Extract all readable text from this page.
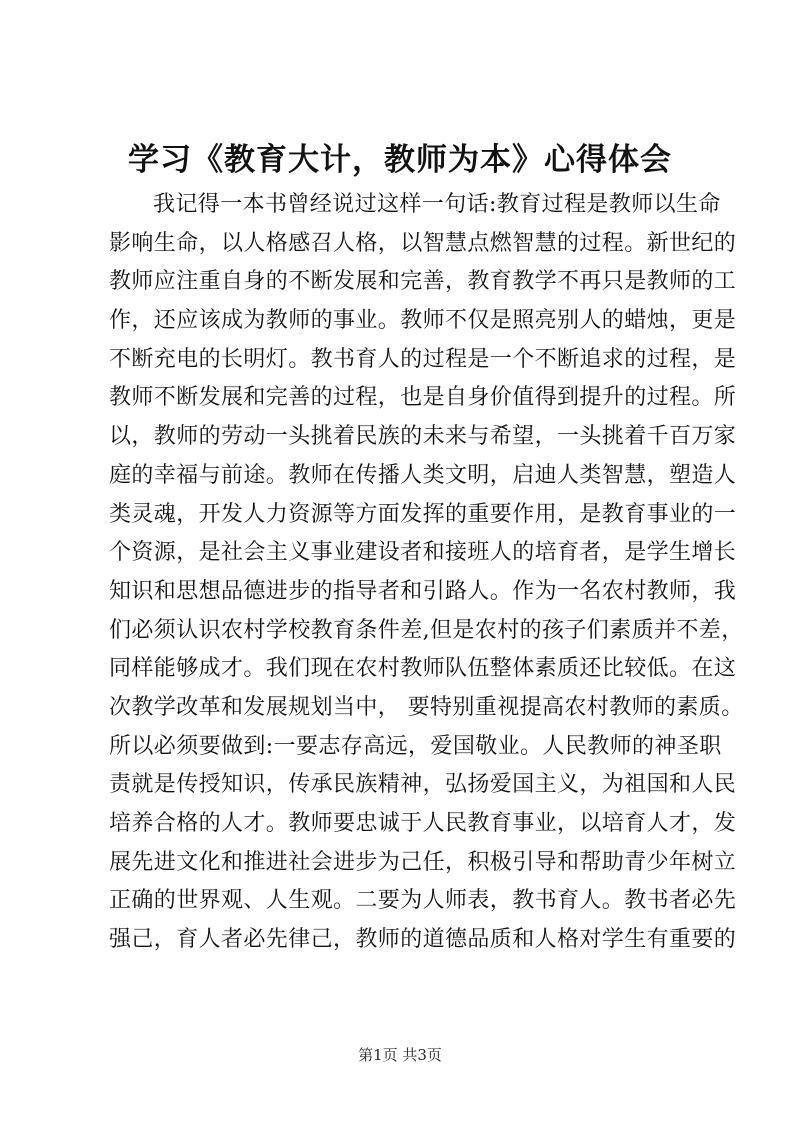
学习《教育大计，教师为本》心得体会
我记得一本书曾经说过这样一句话:教育过程是教师以生命
影响生命，以人格感召人格，以智慧点燃智慧的过程。新世纪的
教师应注重自身的不断发展和完善，教育教学不再只是教师的工
作，还应该成为教师的事业。教师不仅是照亮别人的蜡烛，更是
不断充电的长明灯。教书育人的过程是一个不断追求的过程，是
教师不断发展和完善的过程，也是自身价值得到提升的过程。所
以，教师的劳动一头挑着民族的未来与希望，一头挑着千百万家
庭的幸福与前途。教师在传播人类文明，启迪人类智慧，塑造人
类灵魂，开发人力资源等方面发挥的重要作用，是教育事业的一
个资源，是社会主义事业建设者和接班人的培育者，是学生增长
知识和思想品德进步的指导者和引路人。作为一名农村教师，我
们必须认识农村学校教育条件差,但是农村的孩子们素质并不差，
同样能够成才。我们现在农村教师队伍整体素质还比较低。在这
次教学改革和发展规划当中， 要特别重视提高农村教师的素质。
所以必须要做到:一要志存高远，爱国敬业。人民教师的神圣职
责就是传授知识，传承民族精神，弘扬爱国主义，为祖国和人民
培养合格的人才。教师要忠诚于人民教育事业，以培育人才，发
展先进文化和推进社会进步为己任，积极引导和帮助青少年树立
正确的世界观、人生观。二要为人师表，教书育人。教书者必先
强己，育人者必先律己，教师的道德品质和人格对学生有重要的
第1页 共3页
